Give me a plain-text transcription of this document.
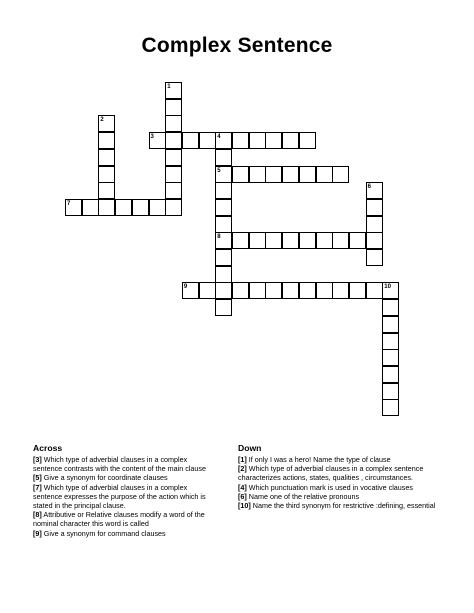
Complex Sentence
1
2
3	4
5
8
6
7
9	10
Across
[3] Which type of adverbial clauses in a complex sentence contrasts with the content of the main clause
[5] Give a synonym for coordinate clauses
[7] Which type of adverbial clauses in a complex sentence expresses the purpose of the action which is stated in the principal clause.
[8] Attributive or Relative clauses modify a word of the nominal character this word is called
[9] Give a synonym for command clauses
Down
[1] If only I was a hero! Name the type of clause
[2] Which type of adverbial clauses in a complex sentence characterizes actions, states, qualities , circumstances.
[4] Which punctuation mark is used in vocative clauses
[6] Name one of the relative pronouns
[10] Name the third synonym for restrictive :defining, essential
